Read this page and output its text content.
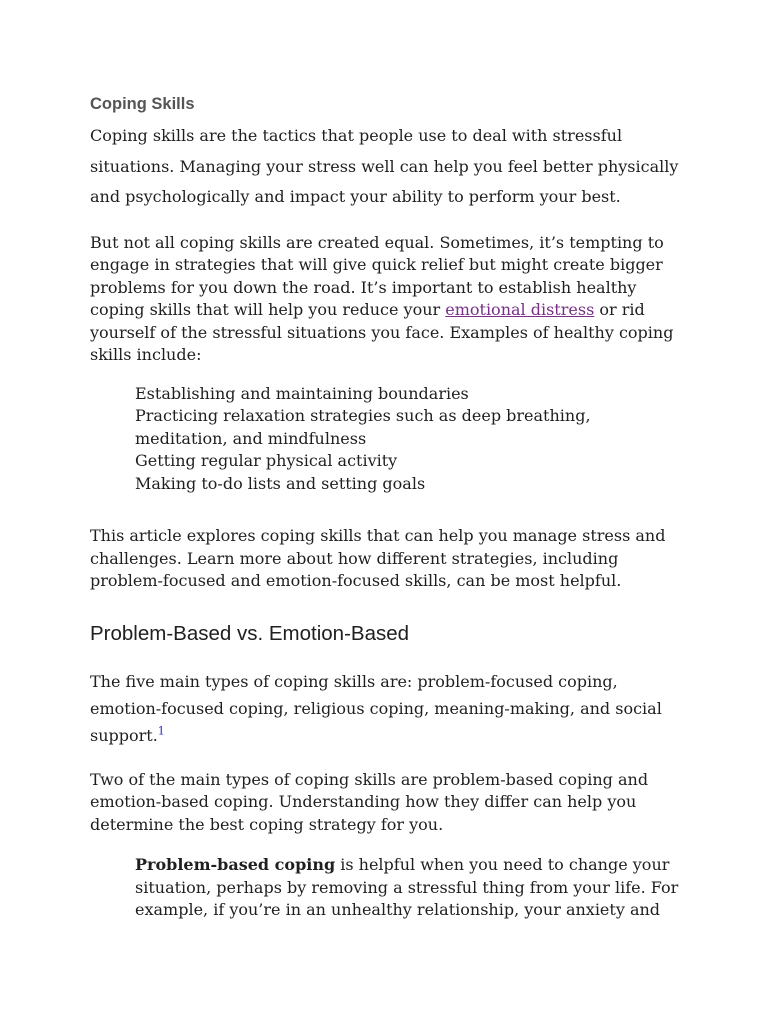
Coping Skills

Coping skills are the tactics that people use to deal with stressful situations. Managing your stress well can help you feel better physically and psychologically and impact your ability to perform your best.

But not all coping skills are created equal. Sometimes, it’s tempting to engage in strategies that will give quick relief but might create bigger problems for you down the road. It’s important to establish healthy coping skills that will help you reduce your emotional distress or rid yourself of the stressful situations you face. Examples of healthy coping skills include:

Establishing and maintaining boundaries
Practicing relaxation strategies such as deep breathing, meditation, and mindfulness
Getting regular physical activity
Making to-do lists and setting goals

This article explores coping skills that can help you manage stress and challenges. Learn more about how different strategies, including problem-focused and emotion-focused skills, can be most helpful.

Problem-Based vs. Emotion-Based

The five main types of coping skills are: problem-focused coping, emotion-focused coping, religious coping, meaning-making, and social support.$^1$

Two of the main types of coping skills are problem-based coping and emotion-based coping. Understanding how they differ can help you determine the best coping strategy for you.

Problem-based coping is helpful when you need to change your situation, perhaps by removing a stressful thing from your life. For example, if you’re in an unhealthy relationship, your anxiety and
